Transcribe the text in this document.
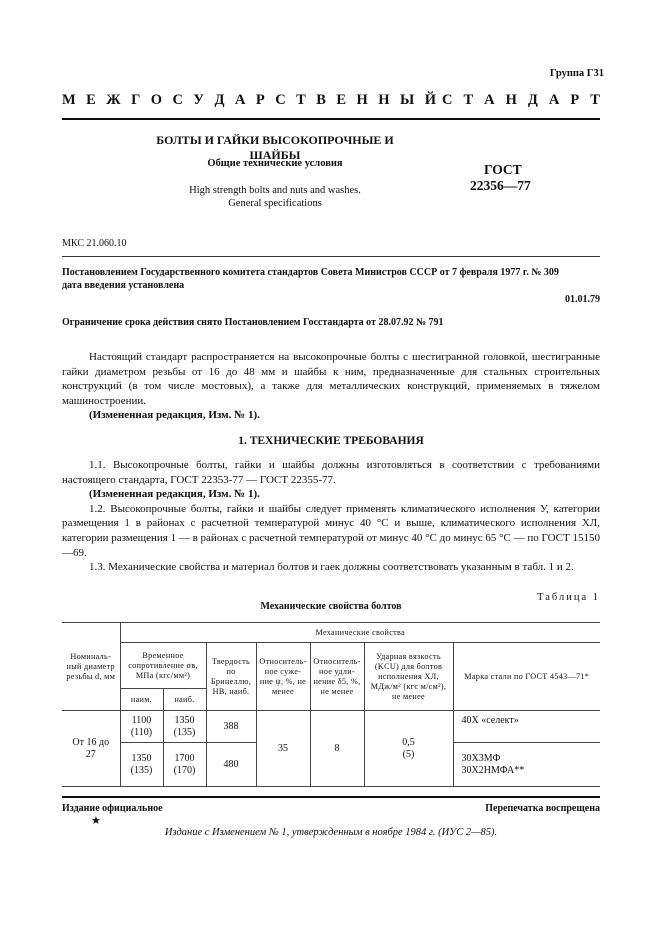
Группа Г31
М Е Ж Г О С У Д А Р С Т В Е Н Н Ы Й С Т А Н Д А Р Т
БОЛТЫ И ГАЙКИ ВЫСОКОПРОЧНЫЕ И ШАЙБЫ
Общие технические условия
High strength bolts and nuts and washes.
General specifications
ГОСТ
22356—77
МКС 21.060.10
Постановлением Государственного комитета стандартов Совета Министров СССР от 7 февраля 1977 г. № 309
дата введения установлена
01.01.79
Ограничение срока действия снято Постановлением Госстандарта от 28.07.92 № 791
Настоящий стандарт распространяется на высокопрочные болты с шестигранной головкой, шестигранные гайки диаметром резьбы от 16 до 48 мм и шайбы к ним, предназначенные для стальных строительных конструкций (в том числе мостовых), а также для металлических конструкций, применяемых в тяжелом машиностроении.
(Измененная редакция, Изм. № 1).
1. ТЕХНИЧЕСКИЕ ТРЕБОВАНИЯ
1.1. Высокопрочные болты, гайки и шайбы должны изготовляться в соответствии с требованиями настоящего стандарта, ГОСТ 22353-77 — ГОСТ 22355-77.
(Измененная редакция, Изм. № 1).
1.2. Высокопрочные болты, гайки и шайбы следует применять климатического исполнения У, категории размещения 1 в районах с расчетной температурой минус 40 °С и выше, климатического исполнения ХЛ, категории размещения 1 — в районах с расчетной температурой от минус 40 °С до минус 65 °С — по ГОСТ 15150—69.
1.3. Механические свойства и материал болтов и гаек должны соответствовать указанным в табл. 1 и 2.
Таблица 1
Механические свойства болтов
Номиналь-ный диаметр резьбы d, мм	Механические свойства						
	Временное сопротивление σв, МПа (кгс/мм²)		Твердость по Бринеллю, НВ, наиб.	Относитель-ное суже-ние ψ, %, не менее	Относитель-ное удли-нение δ5, %, не менее	Ударная вязкость (KCU) для болтов исполнения ХЛ, МДж/м² (кгс м/см²), не менее	Марка стали по ГОСТ 4543—71*
	наим.	наиб.					

От 16 до 27	1100 (110)	1350 (135)	388	35	8	0,5 (5)	40Х «селект»

	1350 (135)	1700 (170)	480				30Х3МФ
30Х2НМФА**
Издание официальное
★
Перепечатка воспрещена
Издание с Изменением № 1, утвержденным в ноябре 1984 г. (ИУС 2—85).
